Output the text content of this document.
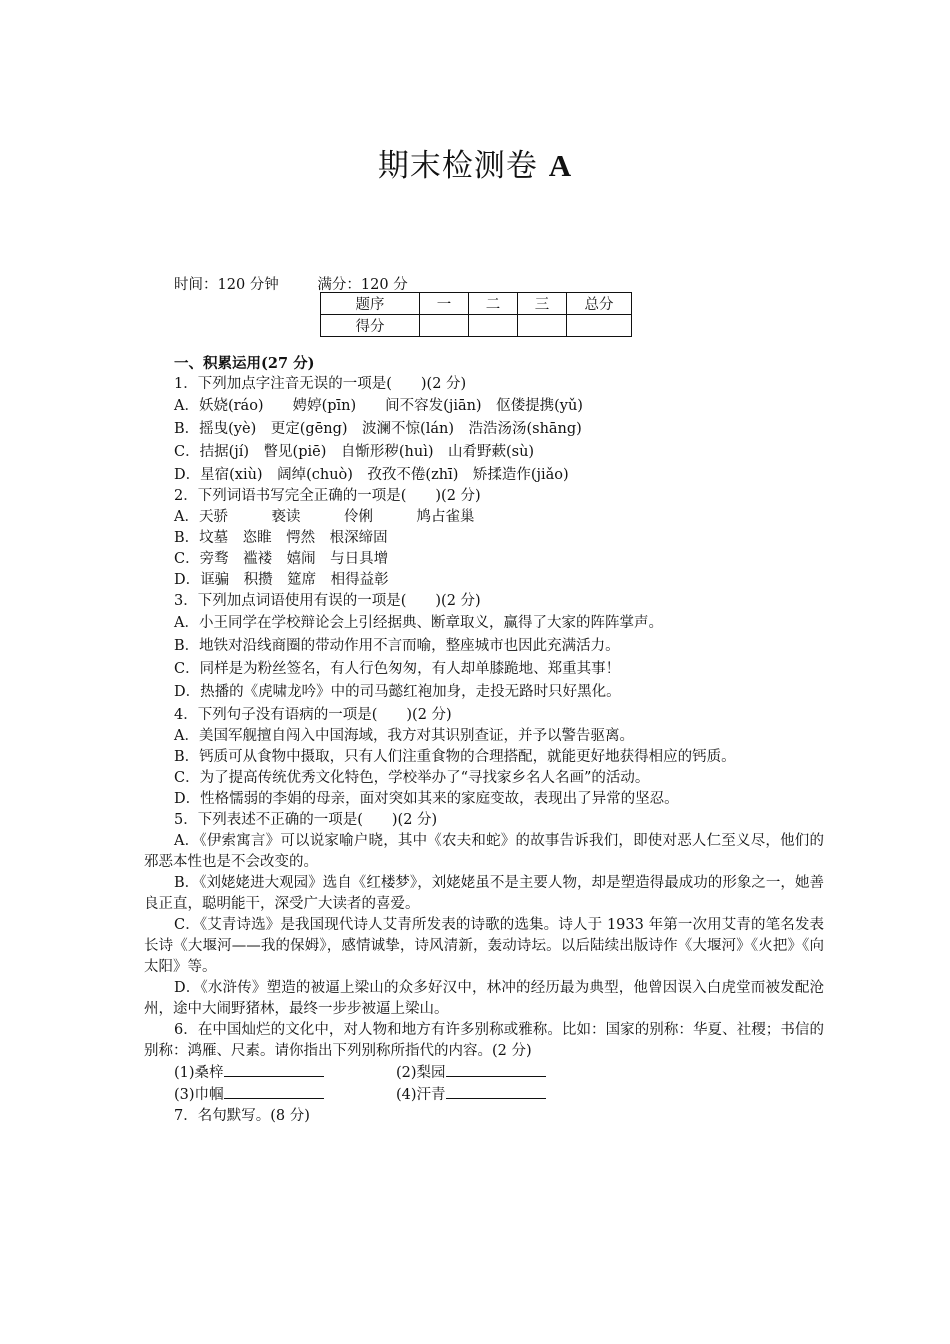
期末检测卷 A
时间：120 分钟	满分：120 分
题序	一	二	三	总分
得分				

一、积累运用(27 分)

1．下列加点字注音无误的一项是(　　)(2 分)

A．妖娆(ráo)　　娉婷(pīn)　　间不容发(jiān)　伛偻提携(yǔ)

B．摇曳(yè)　更定(gēng)　波澜不惊(lán)　浩浩汤汤(shāng)

C．拮据(jí)　瞥见(piē)　自惭形秽(huì)　山肴野蔌(sù)

D．星宿(xiù)　阔绰(chuò)　孜孜不倦(zhī)　矫揉造作(jiǎo)

2．下列词语书写完全正确的一项是(　　)(2 分)

A．天骄　　　亵读　　　伶俐　　　鸠占雀巢

B．坟墓　恣睢　愕然　根深缔固

C．旁骛　褴褛　嬉闹　与日具增

D．诓骗　积攒　筵席　相得益彰

3．下列加点词语使用有误的一项是(　　)(2 分)

A．小王同学在学校辩论会上引经据典、断章取义，赢得了大家的阵阵掌声。

B．地铁对沿线商圈的带动作用不言而喻，整座城市也因此充满活力。

C．同样是为粉丝签名，有人行色匆匆，有人却单膝跪地、郑重其事！

D．热播的《虎啸龙吟》中的司马懿红袍加身，走投无路时只好黑化。

4．下列句子没有语病的一项是(　　)(2 分)

A．美国军舰擅自闯入中国海域，我方对其识别查证，并予以警告驱离。

B．钙质可从食物中摄取，只有人们注重食物的合理搭配，就能更好地获得相应的钙质。

C．为了提高传统优秀文化特色，学校举办了“寻找家乡名人名画”的活动。

D．性格懦弱的李娟的母亲，面对突如其来的家庭变故，表现出了异常的坚忍。

5．下列表述不正确的一项是(　　)(2 分)

A．《伊索寓言》可以说家喻户晓，其中《农夫和蛇》的故事告诉我们，即使对恶人仁至义尽，他们的邪恶本性也是不会改变的。

B．《刘姥姥进大观园》选自《红楼梦》，刘姥姥虽不是主要人物，却是塑造得最成功的形象之一，她善良正直，聪明能干，深受广大读者的喜爱。

C．《艾青诗选》是我国现代诗人艾青所发表的诗歌的选集。诗人于 1933 年第一次用艾青的笔名发表长诗《大堰河——我的保姆》，感情诚挚，诗风清新，轰动诗坛。以后陆续出版诗作《大堰河》《火把》《向太阳》等。

D．《水浒传》塑造的被逼上梁山的众多好汉中，林冲的经历最为典型，他曾因误入白虎堂而被发配沧州，途中大闹野猪林，最终一步步被逼上梁山。

6．在中国灿烂的文化中，对人物和地方有许多别称或雅称。比如：国家的别称：华夏、社稷；书信的别称：鸿雁、尺素。请你指出下列别称所指代的内容。(2 分)

(1)桑梓	(2)梨园

(3)巾帼	(4)汗青

7．名句默写。(8 分)
